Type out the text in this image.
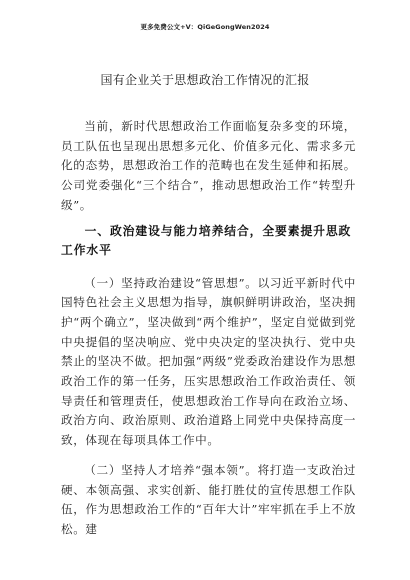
更多免费公文+V：QiGeGongWen2024
国有企业关于思想政治工作情况的汇报

当前，新时代思想政治工作面临复杂多变的环境，员工队伍也呈现出思想多元化、价值多元化、需求多元化的态势，思想政治工作的范畴也在发生延伸和拓展。公司党委强化“三个结合”，推动思想政治工作“转型升级”。

一、政治建设与能力培养结合，全要素提升思政工作水平

（一）坚持政治建设“管思想”。以习近平新时代中国特色社会主义思想为指导，旗帜鲜明讲政治，坚决拥护“两个确立”，坚决做到“两个维护”，坚定自觉做到党中央提倡的坚决响应、党中央决定的坚决执行、党中央禁止的坚决不做。把加强“两级”党委政治建设作为思想政治工作的第一任务，压实思想政治工作政治责任、领导责任和管理责任，使思想政治工作导向在政治立场、政治方向、政治原则、政治道路上同党中央保持高度一致，体现在每项具体工作中。

（二）坚持人才培养“强本领”。将打造一支政治过硬、本领高强、求实创新、能打胜仗的宣传思想工作队伍，作为思想政治工作的“百年大计”牢牢抓在手上不放松。建
